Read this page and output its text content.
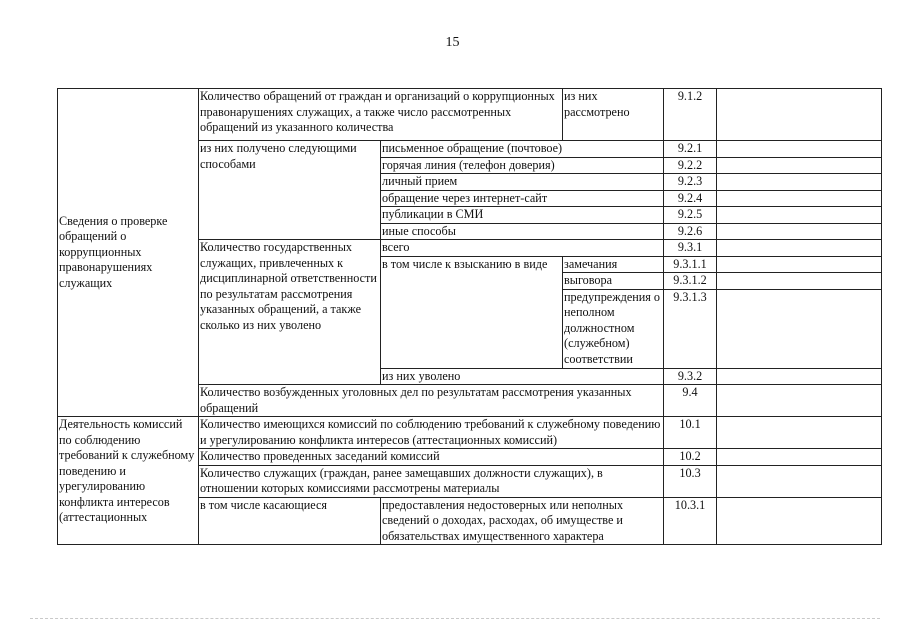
15
Сведения о проверке обращений о коррупционных правонарушениях служащих	Количество обращений от граждан и организаций о коррупционных правонарушениях служащих, а также число рассмотренных обращений из указанного количества		из них рассмотрено	9.1.2	
	из них получено следующими способами	письменное обращение (почтовое)		9.2.1	
		горячая линия (телефон доверия)		9.2.2	
		личный прием		9.2.3	
		обращение через интернет-сайт		9.2.4	
		публикации в СМИ		9.2.5	
		иные способы		9.2.6	
	Количество государственных служащих, привлеченных к дисциплинарной ответственности по результатам рассмотрения указанных обращений, а также сколько из них уволено	всего		9.3.1	
		в том числе к взысканию в виде	замечания	9.3.1.1	
			выговора	9.3.1.2	
			предупреждения о неполном должностном (служебном) соответствии	9.3.1.3	
		из них уволено		9.3.2	
	Количество возбужденных уголовных дел по результатам рассмотрения указанных обращений			9.4	
Деятельность комиссий по соблюдению требований к служебному поведению и урегулированию конфликта интересов (аттестационных	Количество имеющихся комиссий по соблюдению требований к служебному поведению и урегулированию конфликта интересов (аттестационных комиссий)			10.1	
	Количество проведенных заседаний комиссий			10.2	
	Количество служащих (граждан, ранее замещавших должности служащих), в отношении которых комиссиями рассмотрены материалы			10.3	
	в том числе касающиеся	предоставления недостоверных или неполных сведений о доходах, расходах, об имуществе и обязательствах имущественного характера		10.3.1	
